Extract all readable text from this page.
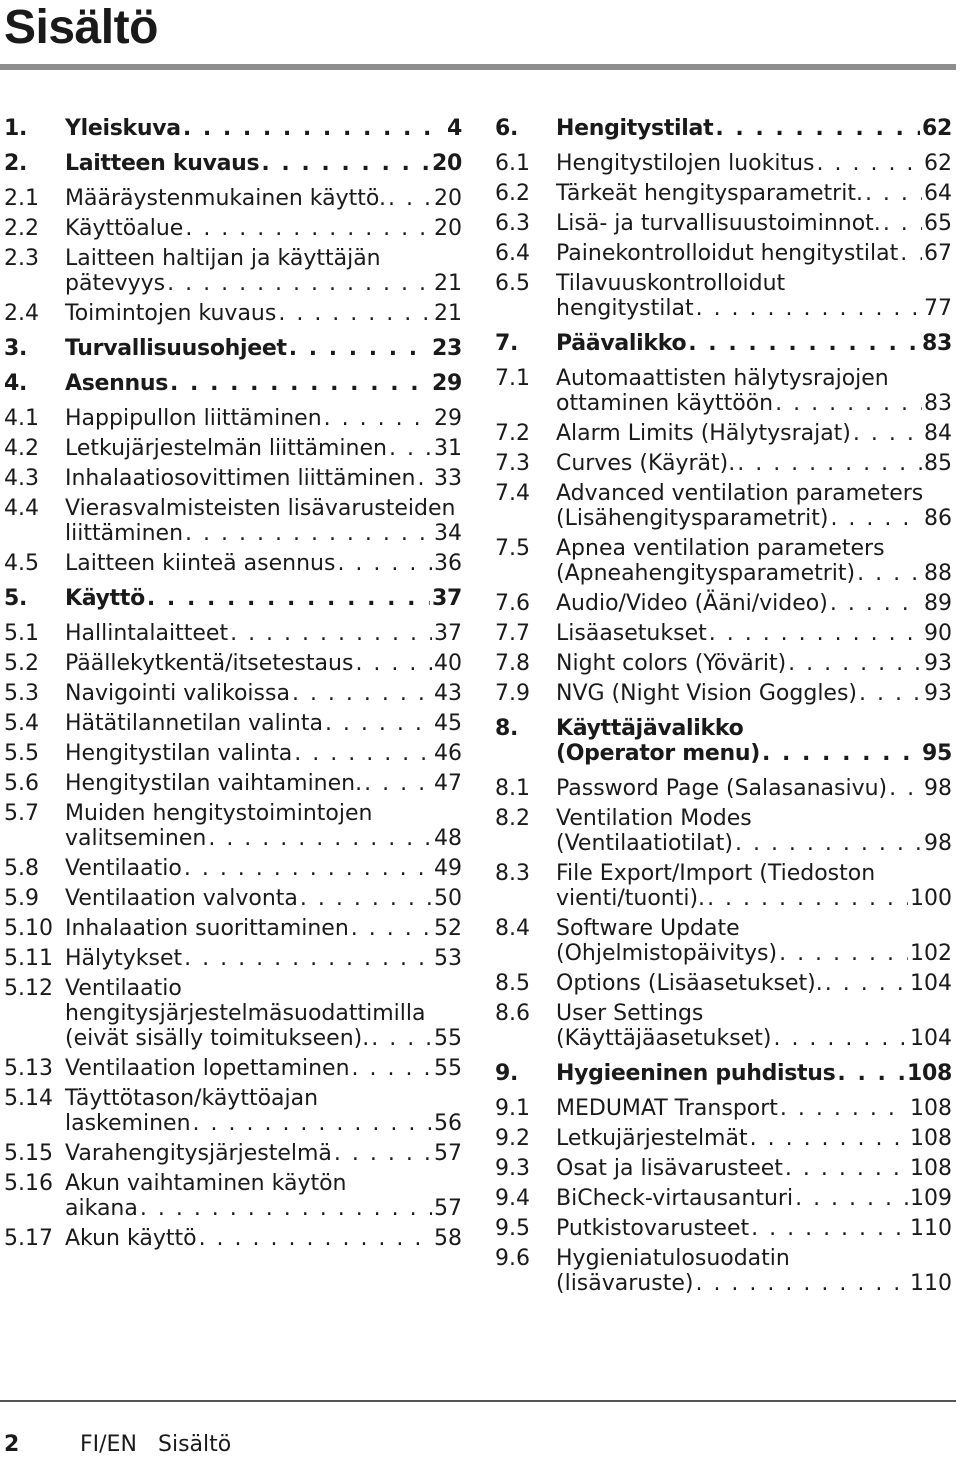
Sisältö
1.	Yleiskuva . . .	4
2.	Laitteen kuvaus . . .	20
2.1	Määräystenmukainen käyttö. . . . 20
2.2	Käyttöalue . . .	20
2.3	Laitteen haltijan ja käyttäjän
pätevyys . . .	21
2.4	Toimintojen kuvaus . . .	21
3.	Turvallisuusohjeet . . .	23
4.	Asennus . . .	29
4.1	Happipullon liittäminen . . .	29
4.2	Letkujärjestelmän liittäminen . . . 31
4.3	Inhalaatiosovittimen liittäminen . . . 33
4.4	Vierasvalmisteisten lisävarusteiden
liittäminen . . .	34
4.5	Laitteen kiinteä asennus . . .	36
5.	Käyttö . . .	37
5.1	Hallintalaitteet . . .	37
5.2	Päällekytkentä/itsetestaus . . .	40
5.3	Navigointi valikoissa . . .	43
5.4	Hätätilannetilan valinta . . .	45
5.5	Hengitystilan valinta . . .	46
5.6	Hengitystilan vaihtaminen. . . .	47
5.7	Muiden hengitystoimintojen
valitseminen . . .	48
5.8	Ventilaatio . . .	49
5.9	Ventilaation valvonta . . .	50
5.10 Inhalaation suorittaminen . . .	52
5.11 Hälytykset . . .	53
5.12 Ventilaatio
hengitysjärjestelmäsuodattimilla
(eivät sisälly toimitukseen). . . .	55
5.13 Ventilaation lopettaminen . . .	55
5.14 Täyttötason/käyttöajan
laskeminen . . .	56
5.15 Varahengitysjärjestelmä . . .	57
5.16 Akun vaihtaminen käytön
aikana . . .	57
5.17 Akun käyttö . . .	58
6.	Hengitystilat . . .	62
6.1	Hengitystilojen luokitus . . .	62
6.2	Tärkeät hengitysparametrit. . . .	64
6.3	Lisä- ja turvallisuustoiminnot. . . . 65
6.4	Painekontrolloidut hengitystilat . . . 67
6.5	Tilavuuskontrolloidut
hengitystilat . . .	77
7.	Päävalikko . . .	83
7.1	Automaattisten hälytysrajojen
ottaminen käyttöön . . .	83
7.2	Alarm Limits (Hälytysrajat) . . .	84
7.3	Curves (Käyrät). . . .	85
7.4	Advanced ventilation parameters
(Lisähengitysparametrit) . . .	86
7.5	Apnea ventilation parameters
(Apneahengitysparametrit) . . .	88
7.6	Audio/Video (Ääni/video) . . .	89
7.7	Lisäasetukset . . .	90
7.8	Night colors (Yövärit) . . .	93
7.9	NVG (Night Vision Goggles) . . .	93
8.	Käyttäjävalikko
(Operator menu) . . .	95
8.1	Password Page (Salasanasivu) . . . 98
8.2	Ventilation Modes
(Ventilaatiotilat) . . .	98
8.3	File Export/Import (Tiedoston
vienti/tuonti). . . .	100
8.4	Software Update
(Ohjelmistopäivitys) . . .	102
8.5	Options (Lisäasetukset). . . .	104
8.6	User Settings
(Käyttäjäasetukset) . . .	104
9.	Hygieeninen puhdistus . . .	108
9.1	MEDUMAT Transport . . .	108
9.2	Letkujärjestelmät . . .	108
9.3	Osat ja lisävarusteet . . .	108
9.4	BiCheck-virtausanturi . . .	109
9.5	Putkistovarusteet . . .	110
9.6	Hygieniatulosuodatin
(lisävaruste) . . .	110
2	FI/EN Sisältö
